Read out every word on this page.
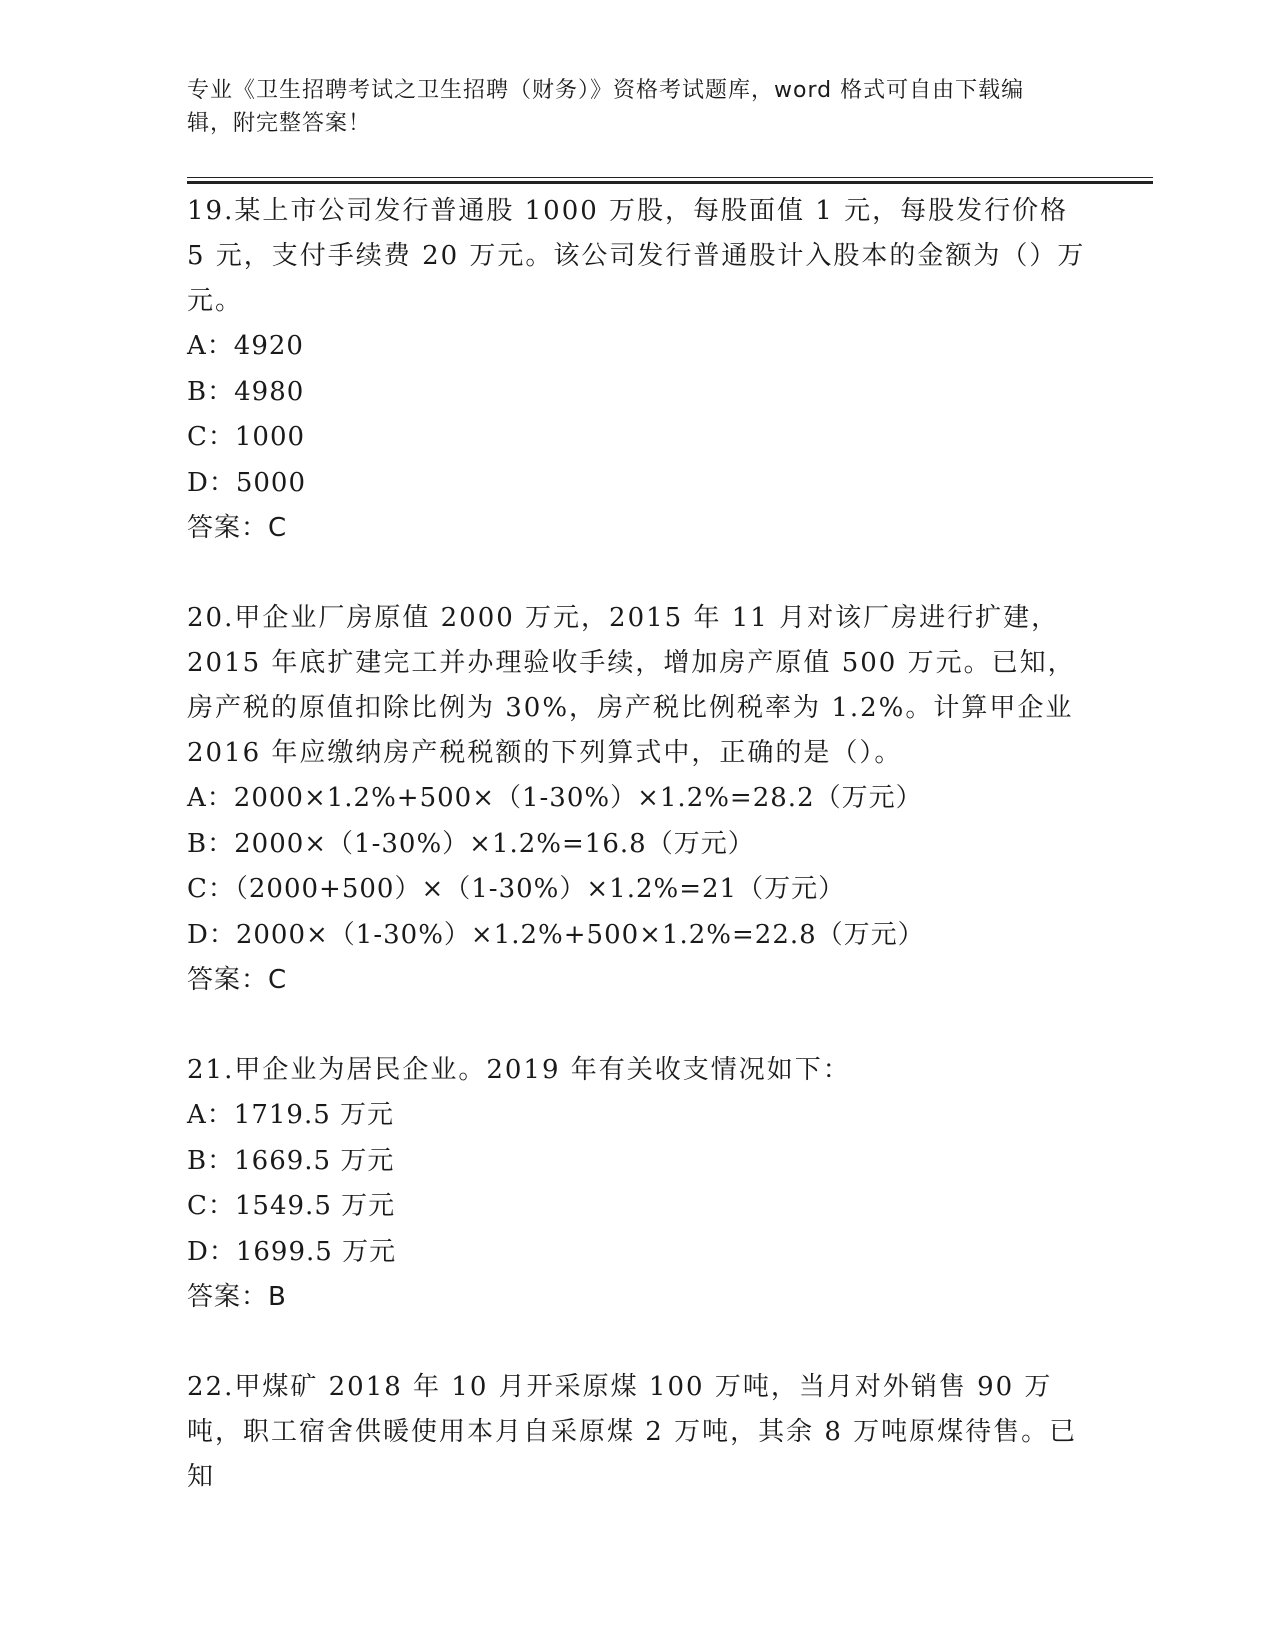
专业《卫生招聘考试之卫生招聘（财务）》资格考试题库，word 格式可自由下载编辑，附完整答案！
19.某上市公司发行普通股 1000 万股，每股面值 1 元，每股发行价格 5 元，支付手续费 20 万元。该公司发行普通股计入股本的金额为（）万元。
A：4920
B：4980
C：1000
D：5000
答案：C
20.甲企业厂房原值 2000 万元，2015 年 11 月对该厂房进行扩建，2015 年底扩建完工并办理验收手续，增加房产原值 500 万元。已知，房产税的原值扣除比例为 30%，房产税比例税率为 1.2%。计算甲企业 2016 年应缴纳房产税税额的下列算式中，正确的是（）。
A：2000×1.2%+500×（1-30%）×1.2%=28.2（万元）
B：2000×（1-30%）×1.2%=16.8（万元）
C：（2000+500）×（1-30%）×1.2%=21（万元）
D：2000×（1-30%）×1.2%+500×1.2%=22.8（万元）
答案：C
21.甲企业为居民企业。2019 年有关收支情况如下：
A：1719.5 万元
B：1669.5 万元
C：1549.5 万元
D：1699.5 万元
答案：B
22.甲煤矿 2018 年 10 月开采原煤 100 万吨，当月对外销售 90 万吨，职工宿舍供暖使用本月自采原煤 2 万吨，其余 8 万吨原煤待售。已知
